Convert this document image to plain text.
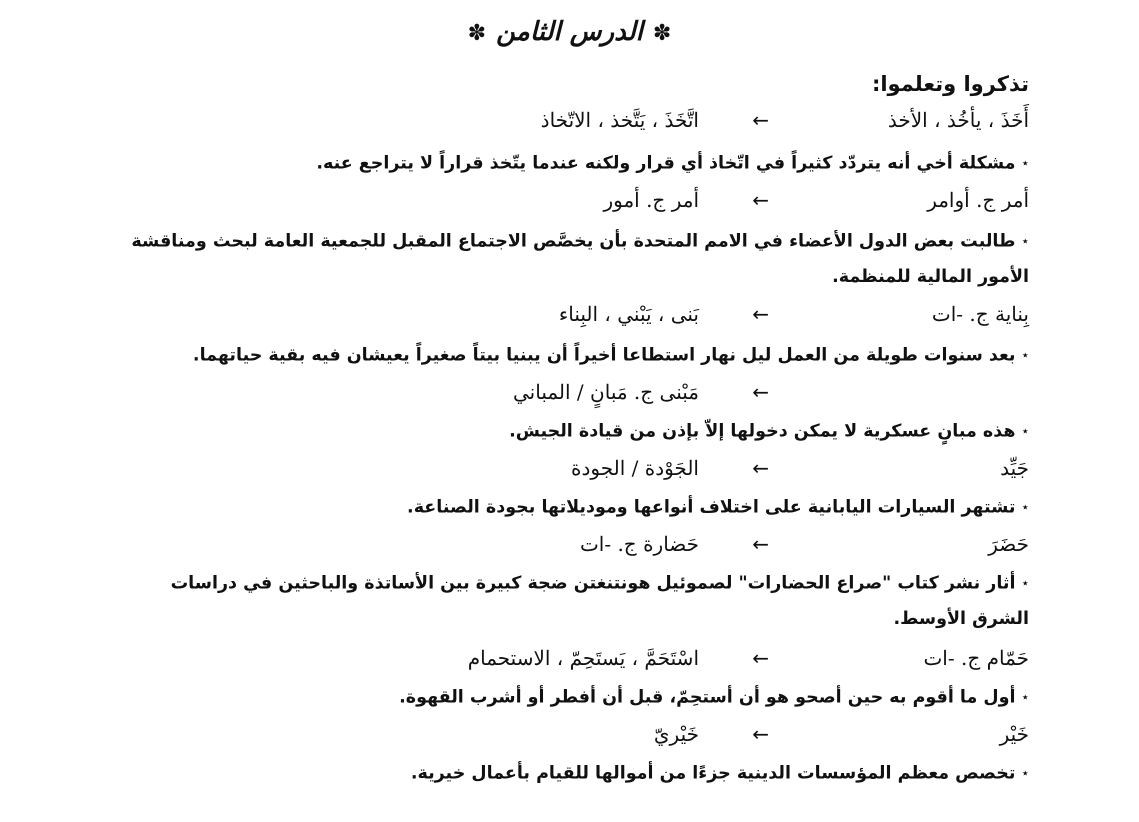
✽الدرس الثامن✽
تذكروا وتعلموا:
أَخَذَ ، يأخُذ ، الأخذ
←
اتَّخَذَ ، يَتَّخذ ، الاتّخاذ
⋆مشكلة أخي أنه يتردّد كثيراً في اتّخاذ أي قرار ولكنه عندما يتّخذ قراراً لا يتراجع عنه.
أمر ج. أوامر
←
أمر ج. أمور
⋆طالبت بعض الدول الأعضاء في الامم المتحدة بأن يخصَّص الاجتماع المقبل للجمعية العامة لبحث ومناقشة الأمور المالية للمنظمة.
بِناية ج. -ات
←
بَنى ، يَبْني ، البِناء
⋆بعد سنوات طويلة من العمل ليل نهار استطاعا أخيراً أن يبنيا بيتاً صغيراً يعيشان فيه بقية حياتهما.
←
مَبْنى ج. مَبانٍ / المباني
⋆هذه مبانٍ عسكرية لا يمكن دخولها إلاّ بإذن من قيادة الجيش.
جَيِّد
←
الجَوْدة / الجودة
⋆تشتهر السيارات اليابانية على اختلاف أنواعها وموديلاتها بجودة الصناعة.
حَضَرَ
←
حَضارة ج. -ات
⋆أثار نشر كتاب "صراع الحضارات" لصموئيل هونتنغتن ضجة كبيرة بين الأساتذة والباحثين في دراسات الشرق الأوسط.
حَمّام ج. -ات
←
اسْتَحَمَّ ، يَستَحِمّ ، الاستحمام
⋆أول ما أقوم به حين أصحو هو أن أستحِمّ، قبل أن أفطر أو أشرب القهوة.
خَيْر
←
خَيْريّ
⋆تخصص معظم المؤسسات الدينية جزءًا من أموالها للقيام بأعمال خيرية.
